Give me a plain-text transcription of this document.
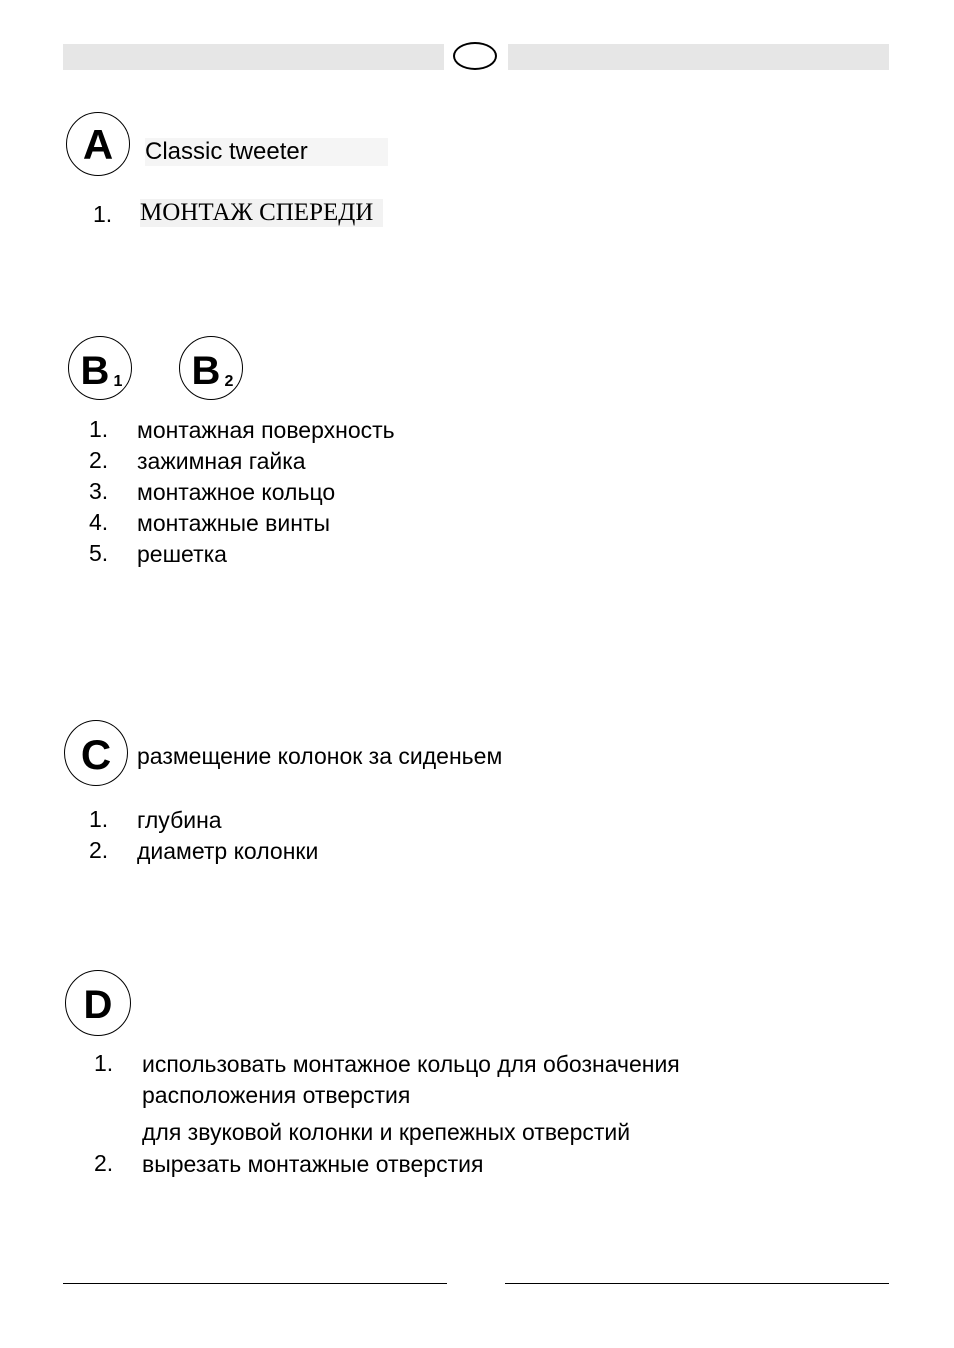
A Classic tweeter
1. МОНТАЖ СПЕРЕДИ
B 1 B 2
1. монтажная поверхность
2. зажимная гайка
3. монтажное кольцо
4. монтажные винты
5. решетка
C размещение колонок за сиденьем
1. глубина
2. диаметр колонки
D
1. использовать монтажное кольцо для обозначения
расположения отверстия
для звуковой колонки и крепежных отверстий
2. вырезать монтажные отверстия
